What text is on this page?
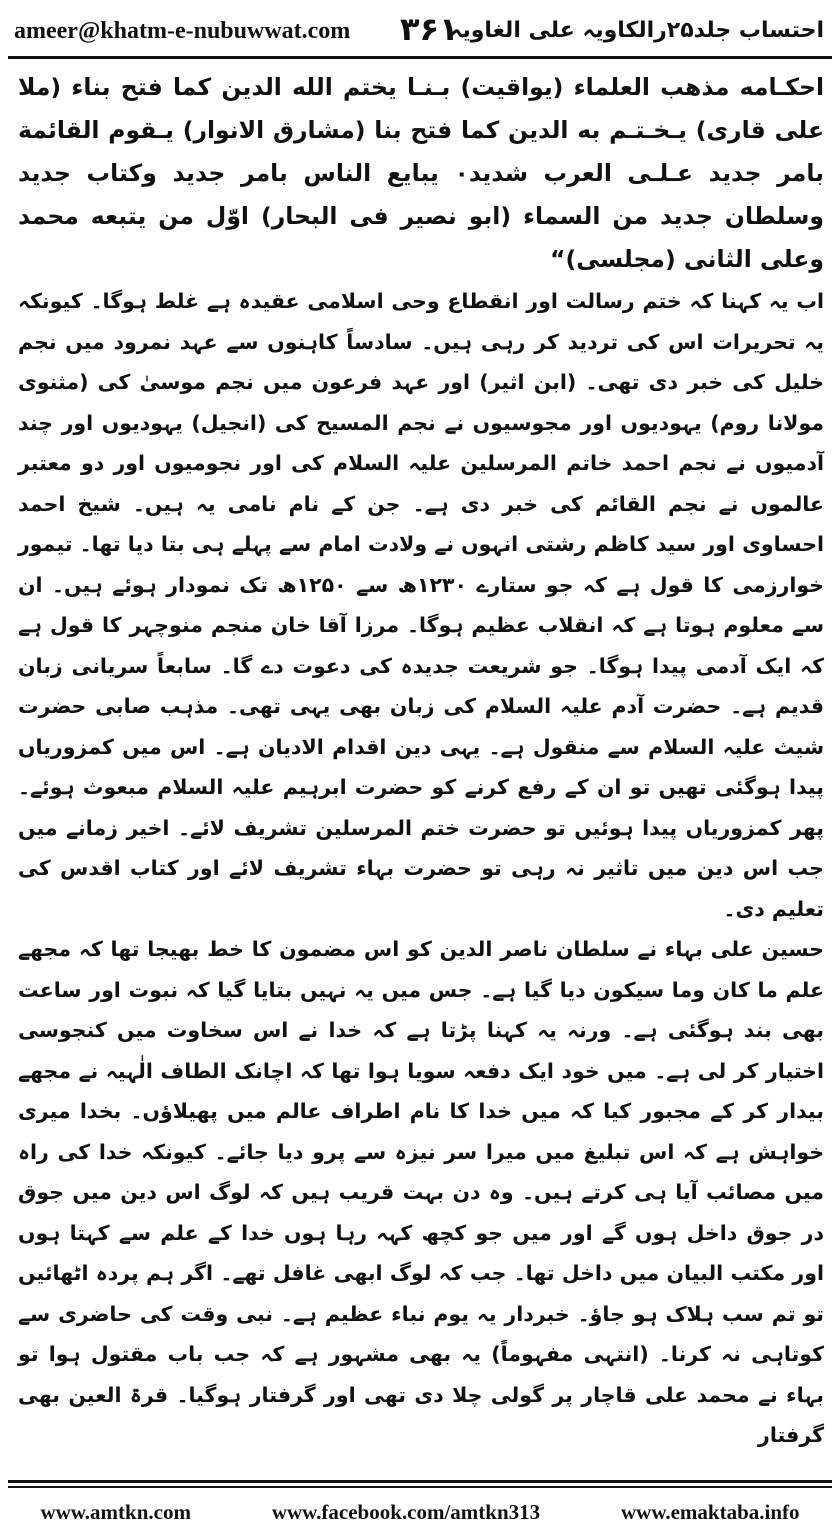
ameer@khatm-e-nubuwwat.com ۳۶۱
احتساب جلد۲۵رالکاویہ علی الغاویہ

احکـامه مذهب العلماء (يواقيت) بـنـا يختم الله الدين كما فتح بناء (ملا علی قاری) يـخـتـم به الدين كما فتح بنا (مشارق الانوار) يـقوم القائمة بامر جديد عـلـى العرب شديد٠ يبايع الناس بامر جديد وكتاب جديد وسلطان جديد من السماء (ابو نصير فى البحار) اوّل من يتبعه محمد وعلى الثانى (مجلسى)“

اب یہ کہنا کہ ختم رسالت اور انقطاع وحی اسلامی عقیدہ ہے غلط ہوگا۔ کیونکہ یہ تحریرات اس کی تردید کر رہی ہیں۔ سادساً کاہنوں سے عہد نمرود میں نجم خلیل کی خبر دی تھی۔ (ابن اثیر) اور عہد فرعون میں نجم موسیٰ کی (مثنوی مولانا روم) یہودیوں اور مجوسیوں نے نجم المسیح کی (انجیل) یہودیوں اور چند آدمیوں نے نجم احمد خاتم المرسلین علیہ السلام کی اور نجومیوں اور دو معتبر عالموں نے نجم القائم کی خبر دی ہے۔ جن کے نام نامی یہ ہیں۔ شیخ احمد احساوی اور سید کاظم رشتی انہوں نے ولادت امام سے پہلے ہی بتا دیا تھا۔ تیمور خوارزمی کا قول ہے کہ جو ستارے ۱۲۳۰ھ سے ۱۲۵۰ھ تک نمودار ہوئے ہیں۔ ان سے معلوم ہوتا ہے کہ انقلاب عظیم ہوگا۔ مرزا آقا خان منجم منوچہر کا قول ہے کہ ایک آدمی پیدا ہوگا۔ جو شریعت جدیدہ کی دعوت دے گا۔ سابعاً سریانی زبان قدیم ہے۔ حضرت آدم علیہ السلام کی زبان بھی یہی تھی۔ مذہب صابی حضرت شیث علیہ السلام سے منقول ہے۔ یہی دین اقدام الادیان ہے۔ اس میں کمزوریاں پیدا ہوگئی تھیں تو ان کے رفع کرنے کو حضرت ابرہیم علیہ السلام مبعوث ہوئے۔ پھر کمزوریاں پیدا ہوئیں تو حضرت ختم المرسلین تشریف لائے۔ اخیر زمانے میں جب اس دین میں تاثیر نہ رہی تو حضرت بہاء تشریف لائے اور کتاب اقدس کی تعلیم دی۔

حسین علی بہاء نے سلطان ناصر الدین کو اس مضمون کا خط بھیجا تھا کہ مجھے علم ما کان وما سیکون دیا گیا ہے۔ جس میں یہ نہیں بتایا گیا کہ نبوت اور ساعت بھی بند ہوگئی ہے۔ ورنہ یہ کہنا پڑتا ہے کہ خدا نے اس سخاوت میں کنجوسی اختیار کر لی ہے۔ میں خود ایک دفعہ سویا ہوا تھا کہ اچانک الطاف الٰہیہ نے مجھے بیدار کر کے مجبور کیا کہ میں خدا کا نام اطراف عالم میں پھیلاؤں۔ بخدا میری خواہش ہے کہ اس تبلیغ میں میرا سر نیزہ سے پرو دیا جائے۔ کیونکہ خدا کی راہ میں مصائب آیا ہی کرتے ہیں۔ وہ دن بہت قریب ہیں کہ لوگ اس دین میں جوق در جوق داخل ہوں گے اور میں جو کچھ کہہ رہا ہوں خدا کے علم سے کہتا ہوں اور مکتب البیان میں داخل تھا۔ جب کہ لوگ ابھی غافل تھے۔ اگر ہم پردہ اٹھائیں تو تم سب ہلاک ہو جاؤ۔ خبردار یہ یوم نباء عظیم ہے۔ نبی وقت کی حاضری سے کوتاہی نہ کرنا۔ (انتہی مفہوماً) یہ بھی مشہور ہے کہ جب باب مقتول ہوا تو بہاء نے محمد علی قاچار پر گولی چلا دی تھی اور گرفتار ہوگیا۔ قرۃ العین بھی گرفتار

www.amtkn.com	www.facebook.com/amtkn313	www.emaktaba.info
